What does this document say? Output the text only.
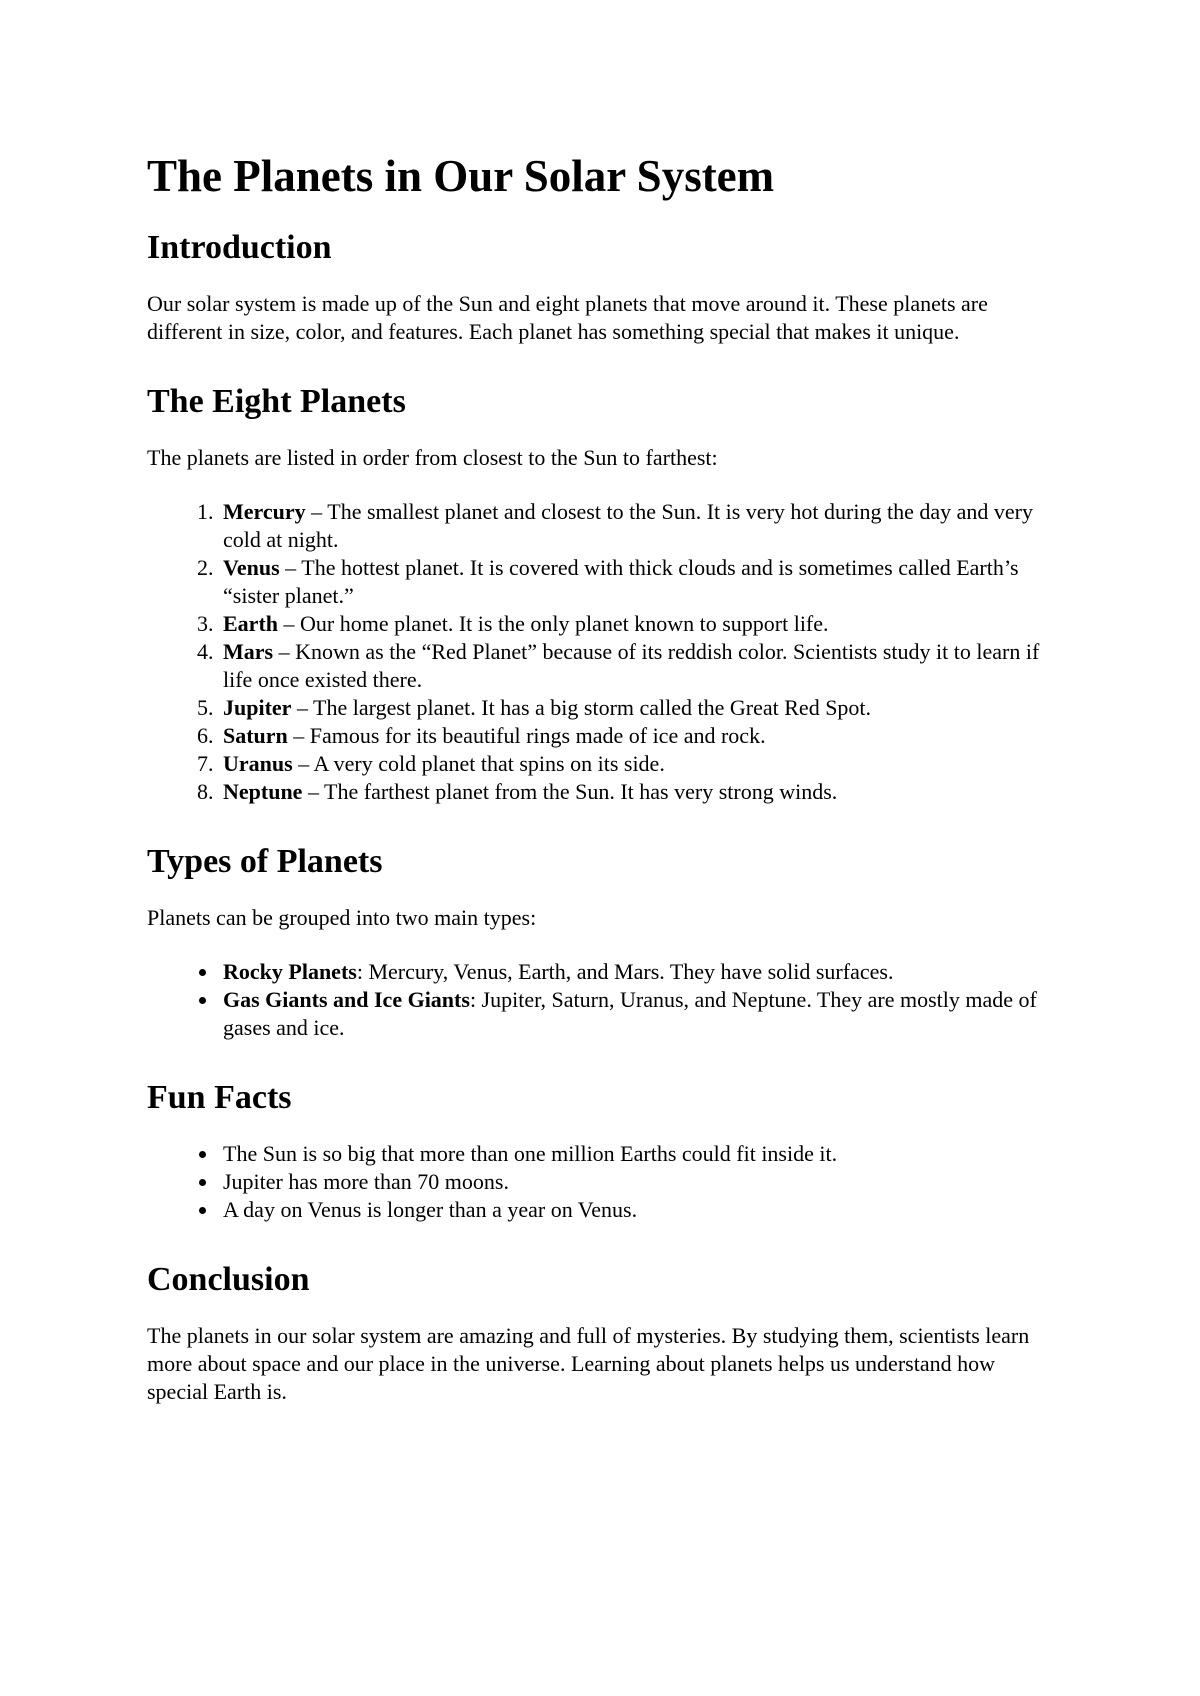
The Planets in Our Solar System
Introduction

Our solar system is made up of the Sun and eight planets that move around it. These planets are different in size, color, and features. Each planet has something special that makes it unique.

The Eight Planets

The planets are listed in order from closest to the Sun to farthest:

1. Mercury – The smallest planet and closest to the Sun. It is very hot during the day and very cold at night.
2. Venus – The hottest planet. It is covered with thick clouds and is sometimes called Earth’s “sister planet.”
3. Earth – Our home planet. It is the only planet known to support life.
4. Mars – Known as the “Red Planet” because of its reddish color. Scientists study it to learn if life once existed there.
5. Jupiter – The largest planet. It has a big storm called the Great Red Spot.
6. Saturn – Famous for its beautiful rings made of ice and rock.
7. Uranus – A very cold planet that spins on its side.
8. Neptune – The farthest planet from the Sun. It has very strong winds.
Types of Planets

Planets can be grouped into two main types:

• Rocky Planets: Mercury, Venus, Earth, and Mars. They have solid surfaces.
• Gas Giants and Ice Giants: Jupiter, Saturn, Uranus, and Neptune. They are mostly made of gases and ice.
Fun Facts
• The Sun is so big that more than one million Earths could fit inside it.
• Jupiter has more than 70 moons.
• A day on Venus is longer than a year on Venus.
Conclusion

The planets in our solar system are amazing and full of mysteries. By studying them, scientists learn more about space and our place in the universe. Learning about planets helps us understand how special Earth is.
